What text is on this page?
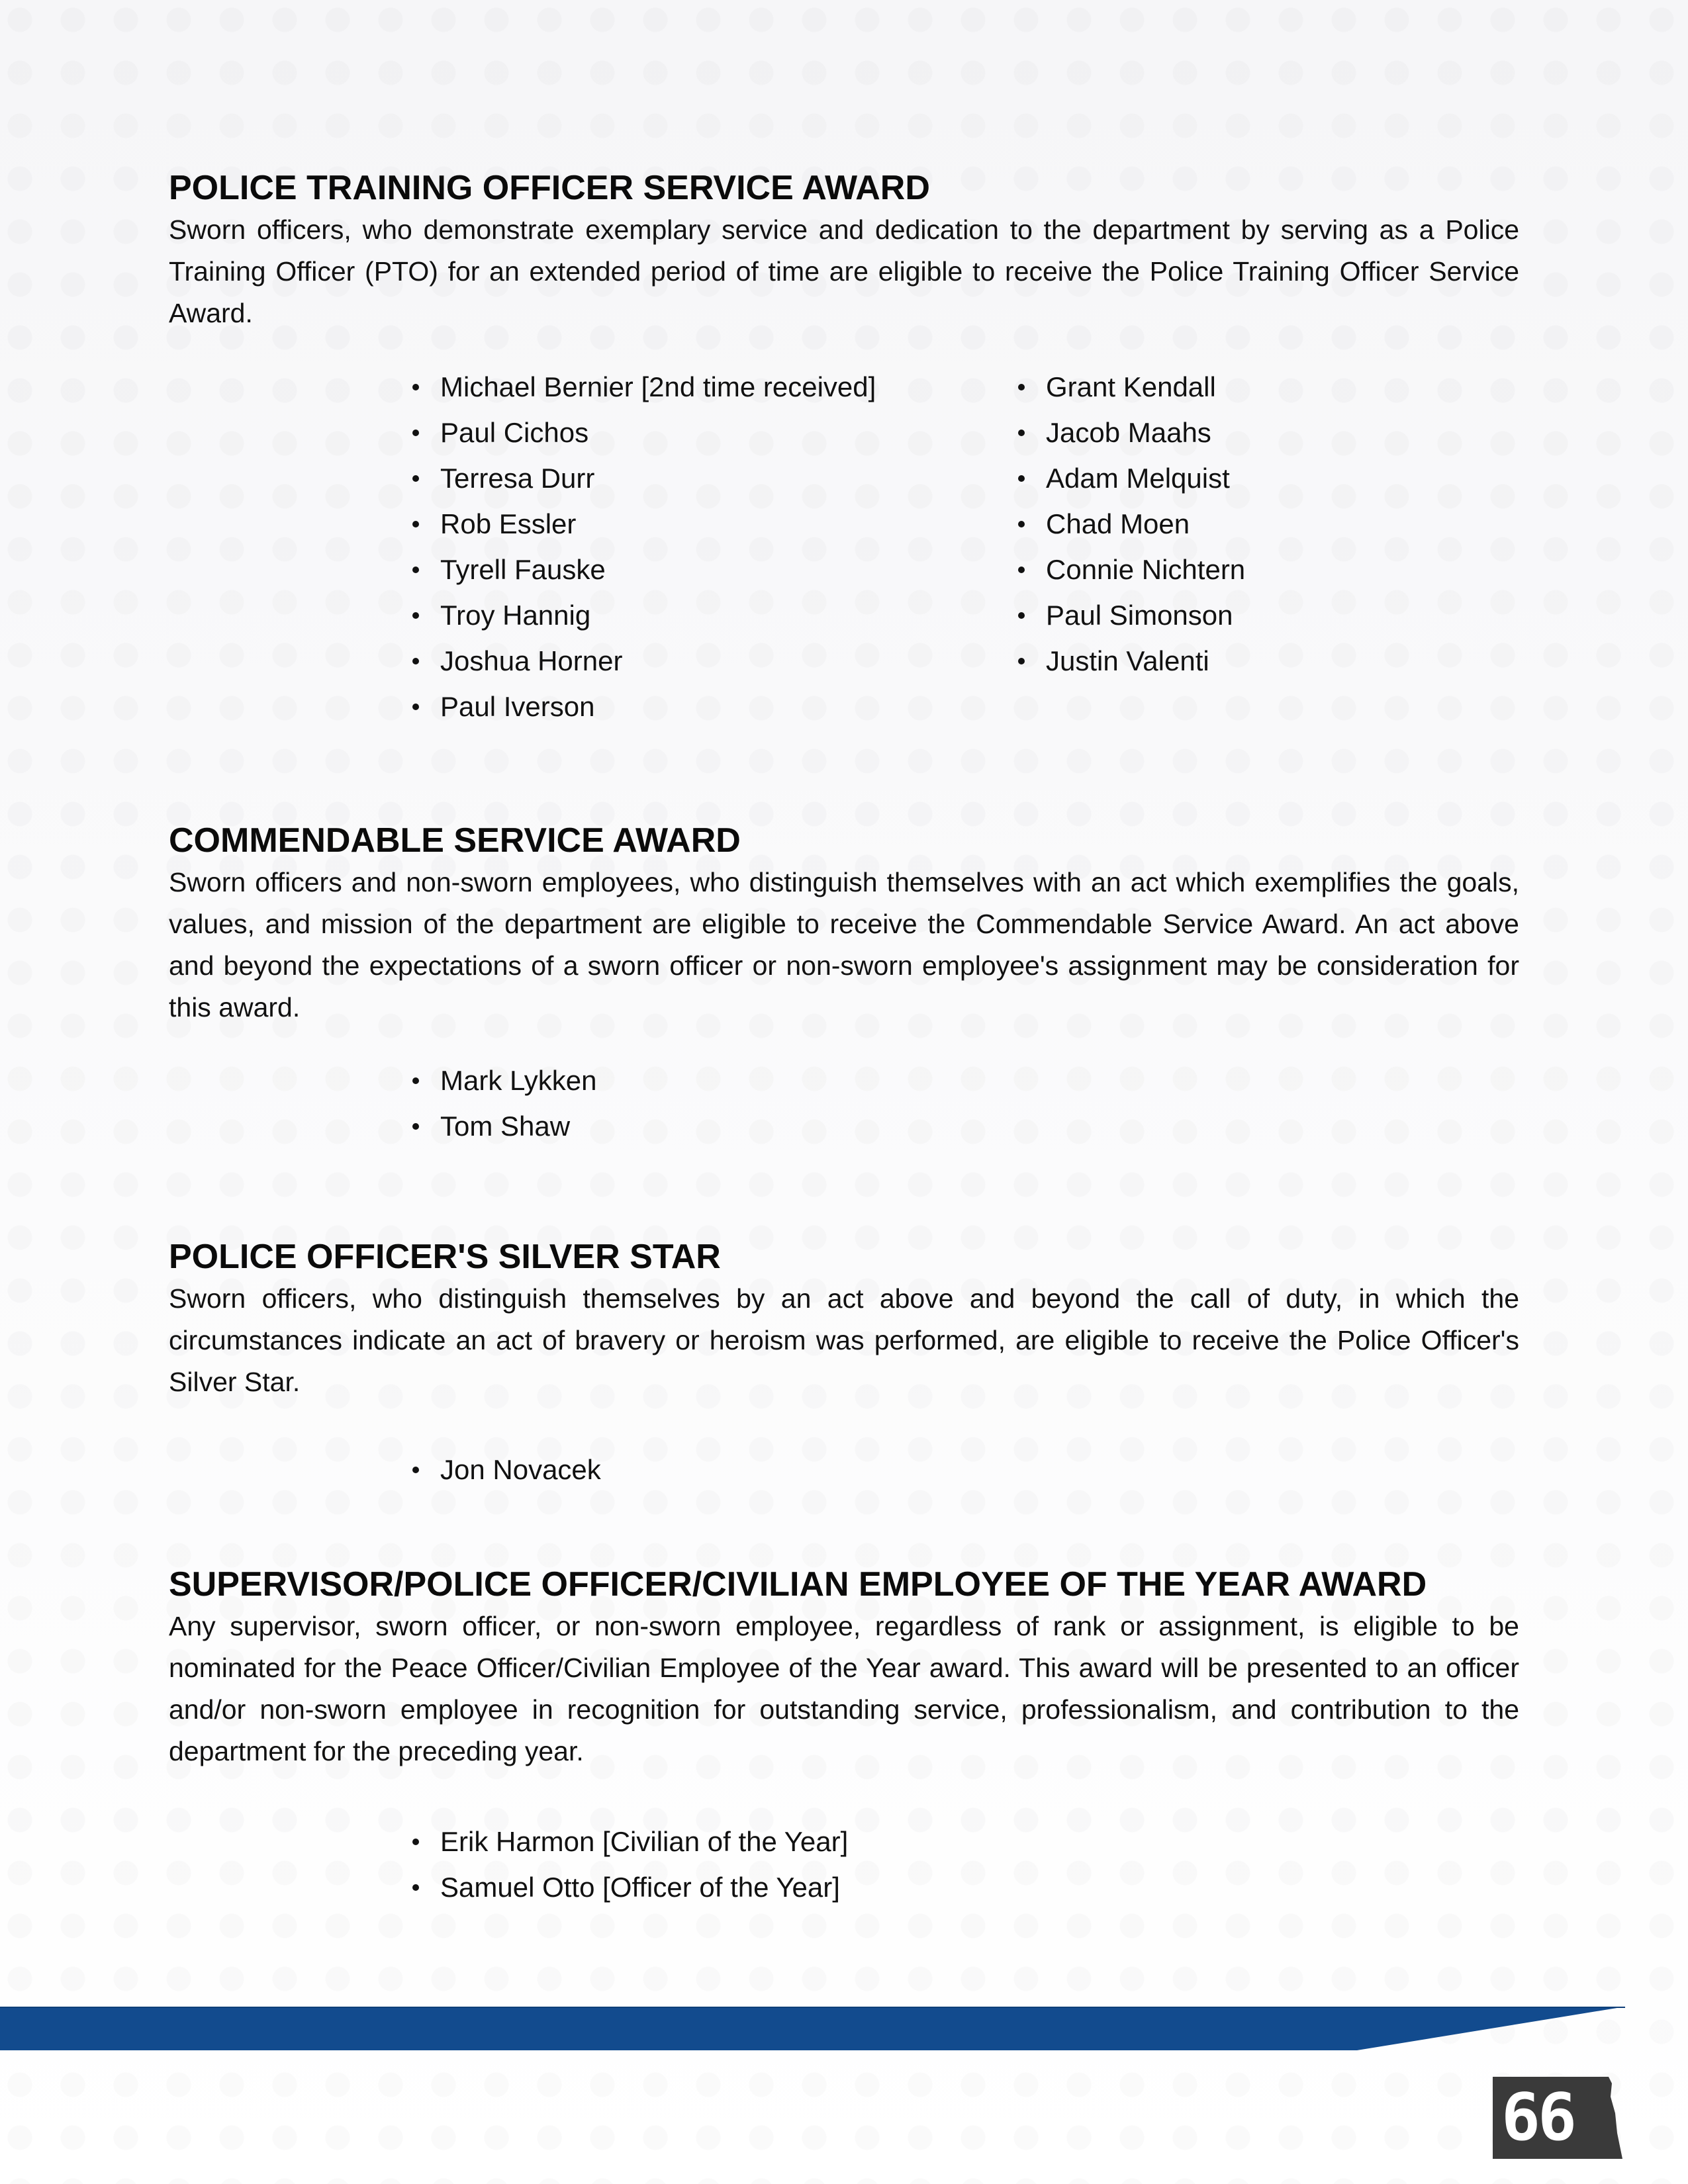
POLICE TRAINING OFFICER SERVICE AWARD

Sworn officers, who demonstrate exemplary service and dedication to the department by serving as a Police Training Officer (PTO) for an extended period of time are eligible to receive the Police Training Officer Service Award.

Michael Bernier [2nd time received]
Paul Cichos
Terresa Durr
Rob Essler
Tyrell Fauske
Troy Hannig
Joshua Horner
Paul Iverson
Grant Kendall
Jacob Maahs
Adam Melquist
Chad Moen
Connie Nichtern
Paul Simonson
Justin Valenti
COMMENDABLE SERVICE AWARD

Sworn officers and non-sworn employees, who distinguish themselves with an act which exemplifies the goals, values, and mission of the department are eligible to receive the Commendable Service Award. An act above and beyond the expectations of a sworn officer or non-sworn employee's assignment may be consideration for this award.

Mark Lykken
Tom Shaw
POLICE OFFICER'S SILVER STAR

Sworn officers, who distinguish themselves by an act above and beyond the call of duty, in which the circumstances indicate an act of bravery or heroism was performed, are eligible to receive the Police Officer's Silver Star.

Jon Novacek
SUPERVISOR/POLICE OFFICER/CIVILIAN EMPLOYEE OF THE YEAR AWARD

Any supervisor, sworn officer, or non-sworn employee, regardless of rank or assignment, is eligible to be nominated for the Peace Officer/Civilian Employee of the Year award. This award will be presented to an officer and/or non-sworn employee in recognition for outstanding service, professionalism, and contribution to the department for the preceding year.

Erik Harmon [Civilian of the Year]
Samuel Otto [Officer of the Year]
66
